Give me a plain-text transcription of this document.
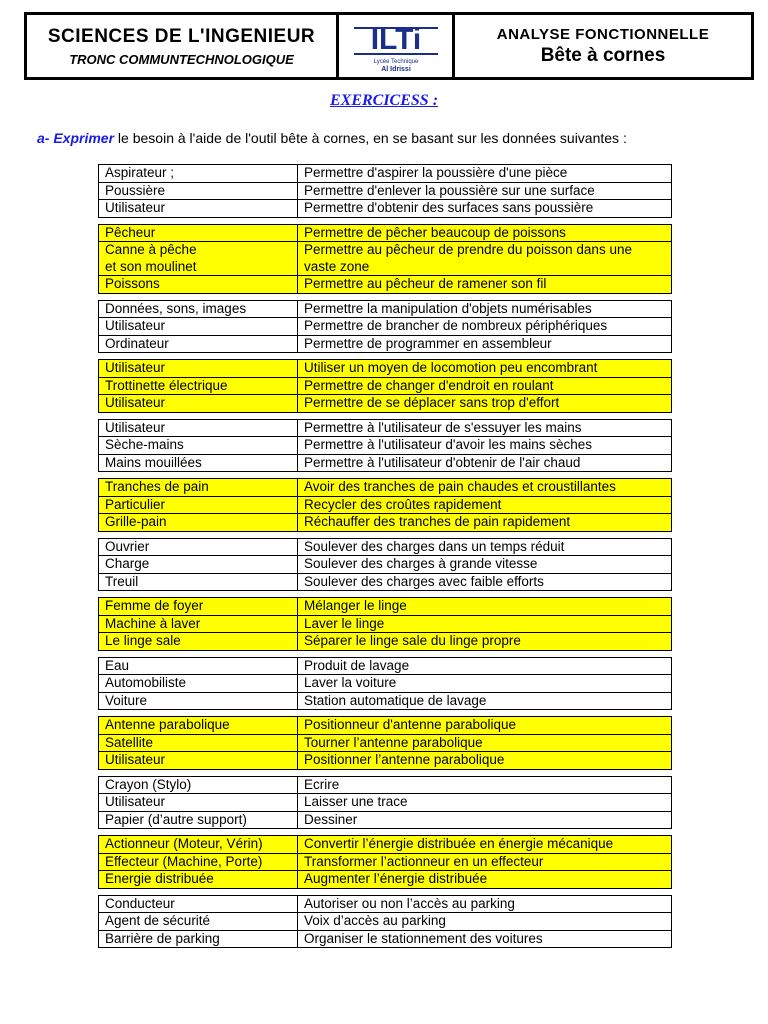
SCIENCES DE L'INGENIEUR
TRONC COMMUNTECHNOLOGIQUE
ILTi
Lycée Technique
Al Idrissi
ANALYSE FONCTIONNELLE
Bête à cornes
EXERCICESS :
a- Exprimer le besoin à l'aide de l'outil bête à cornes, en se basant sur les données suivantes :
Aspirateur ;
Poussière
Utilisateur
Permettre d'aspirer la poussière d'une pièce
Permettre d'enlever la poussière sur une surface
Permettre d'obtenir des surfaces sans poussière
Pêcheur
Canne à pêche
et son moulinet
Poissons
Permettre de pêcher beaucoup de poissons
Permettre au pêcheur de prendre du poisson dans une vaste zone
Permettre au pêcheur de ramener son fil
Données, sons, images
Utilisateur
Ordinateur
Permettre la manipulation d'objets numérisables
Permettre de brancher de nombreux périphériques
Permettre de programmer en assembleur
Utilisateur
Trottinette électrique
Utilisateur
Utiliser un moyen de locomotion peu encombrant
Permettre de changer d'endroit en roulant
Permettre de se déplacer sans trop d'effort
Utilisateur
Sèche-mains
Mains mouillées
Permettre à l'utilisateur de s'essuyer les mains
Permettre à l'utilisateur d'avoir les mains sèches
Permettre à l'utilisateur d'obtenir de l'air chaud
Tranches de pain
Particulier
Grille-pain
Avoir des tranches de pain chaudes et croustillantes
Recycler des croûtes rapidement
Réchauffer des tranches de pain rapidement
Ouvrier
Charge
Treuil
Soulever des charges dans un temps réduit
Soulever des charges à grande vitesse
Soulever des charges avec faible efforts
Femme de foyer
Machine à laver
Le linge sale
Mélanger le linge
Laver le linge
Séparer le linge sale du linge propre
Eau
Automobiliste
Voiture
Produit de lavage
Laver la voiture
Station automatique de lavage
Antenne parabolique
Satellite
Utilisateur
Positionneur d'antenne parabolique
Tourner l’antenne parabolique
Positionner l’antenne parabolique
Crayon (Stylo)
Utilisateur
Papier (d’autre support)
Ecrire
Laisser une trace
Dessiner
Actionneur (Moteur, Vérin)
Effecteur (Machine, Porte)
Energie distribuée
Convertir l’énergie distribuée en énergie mécanique
Transformer l’actionneur en un effecteur
Augmenter l’énergie distribuée
Conducteur
Agent de sécurité
Barrière de parking
Autoriser ou non l’accès au parking
Voix d’accès au parking
Organiser le stationnement des voitures
